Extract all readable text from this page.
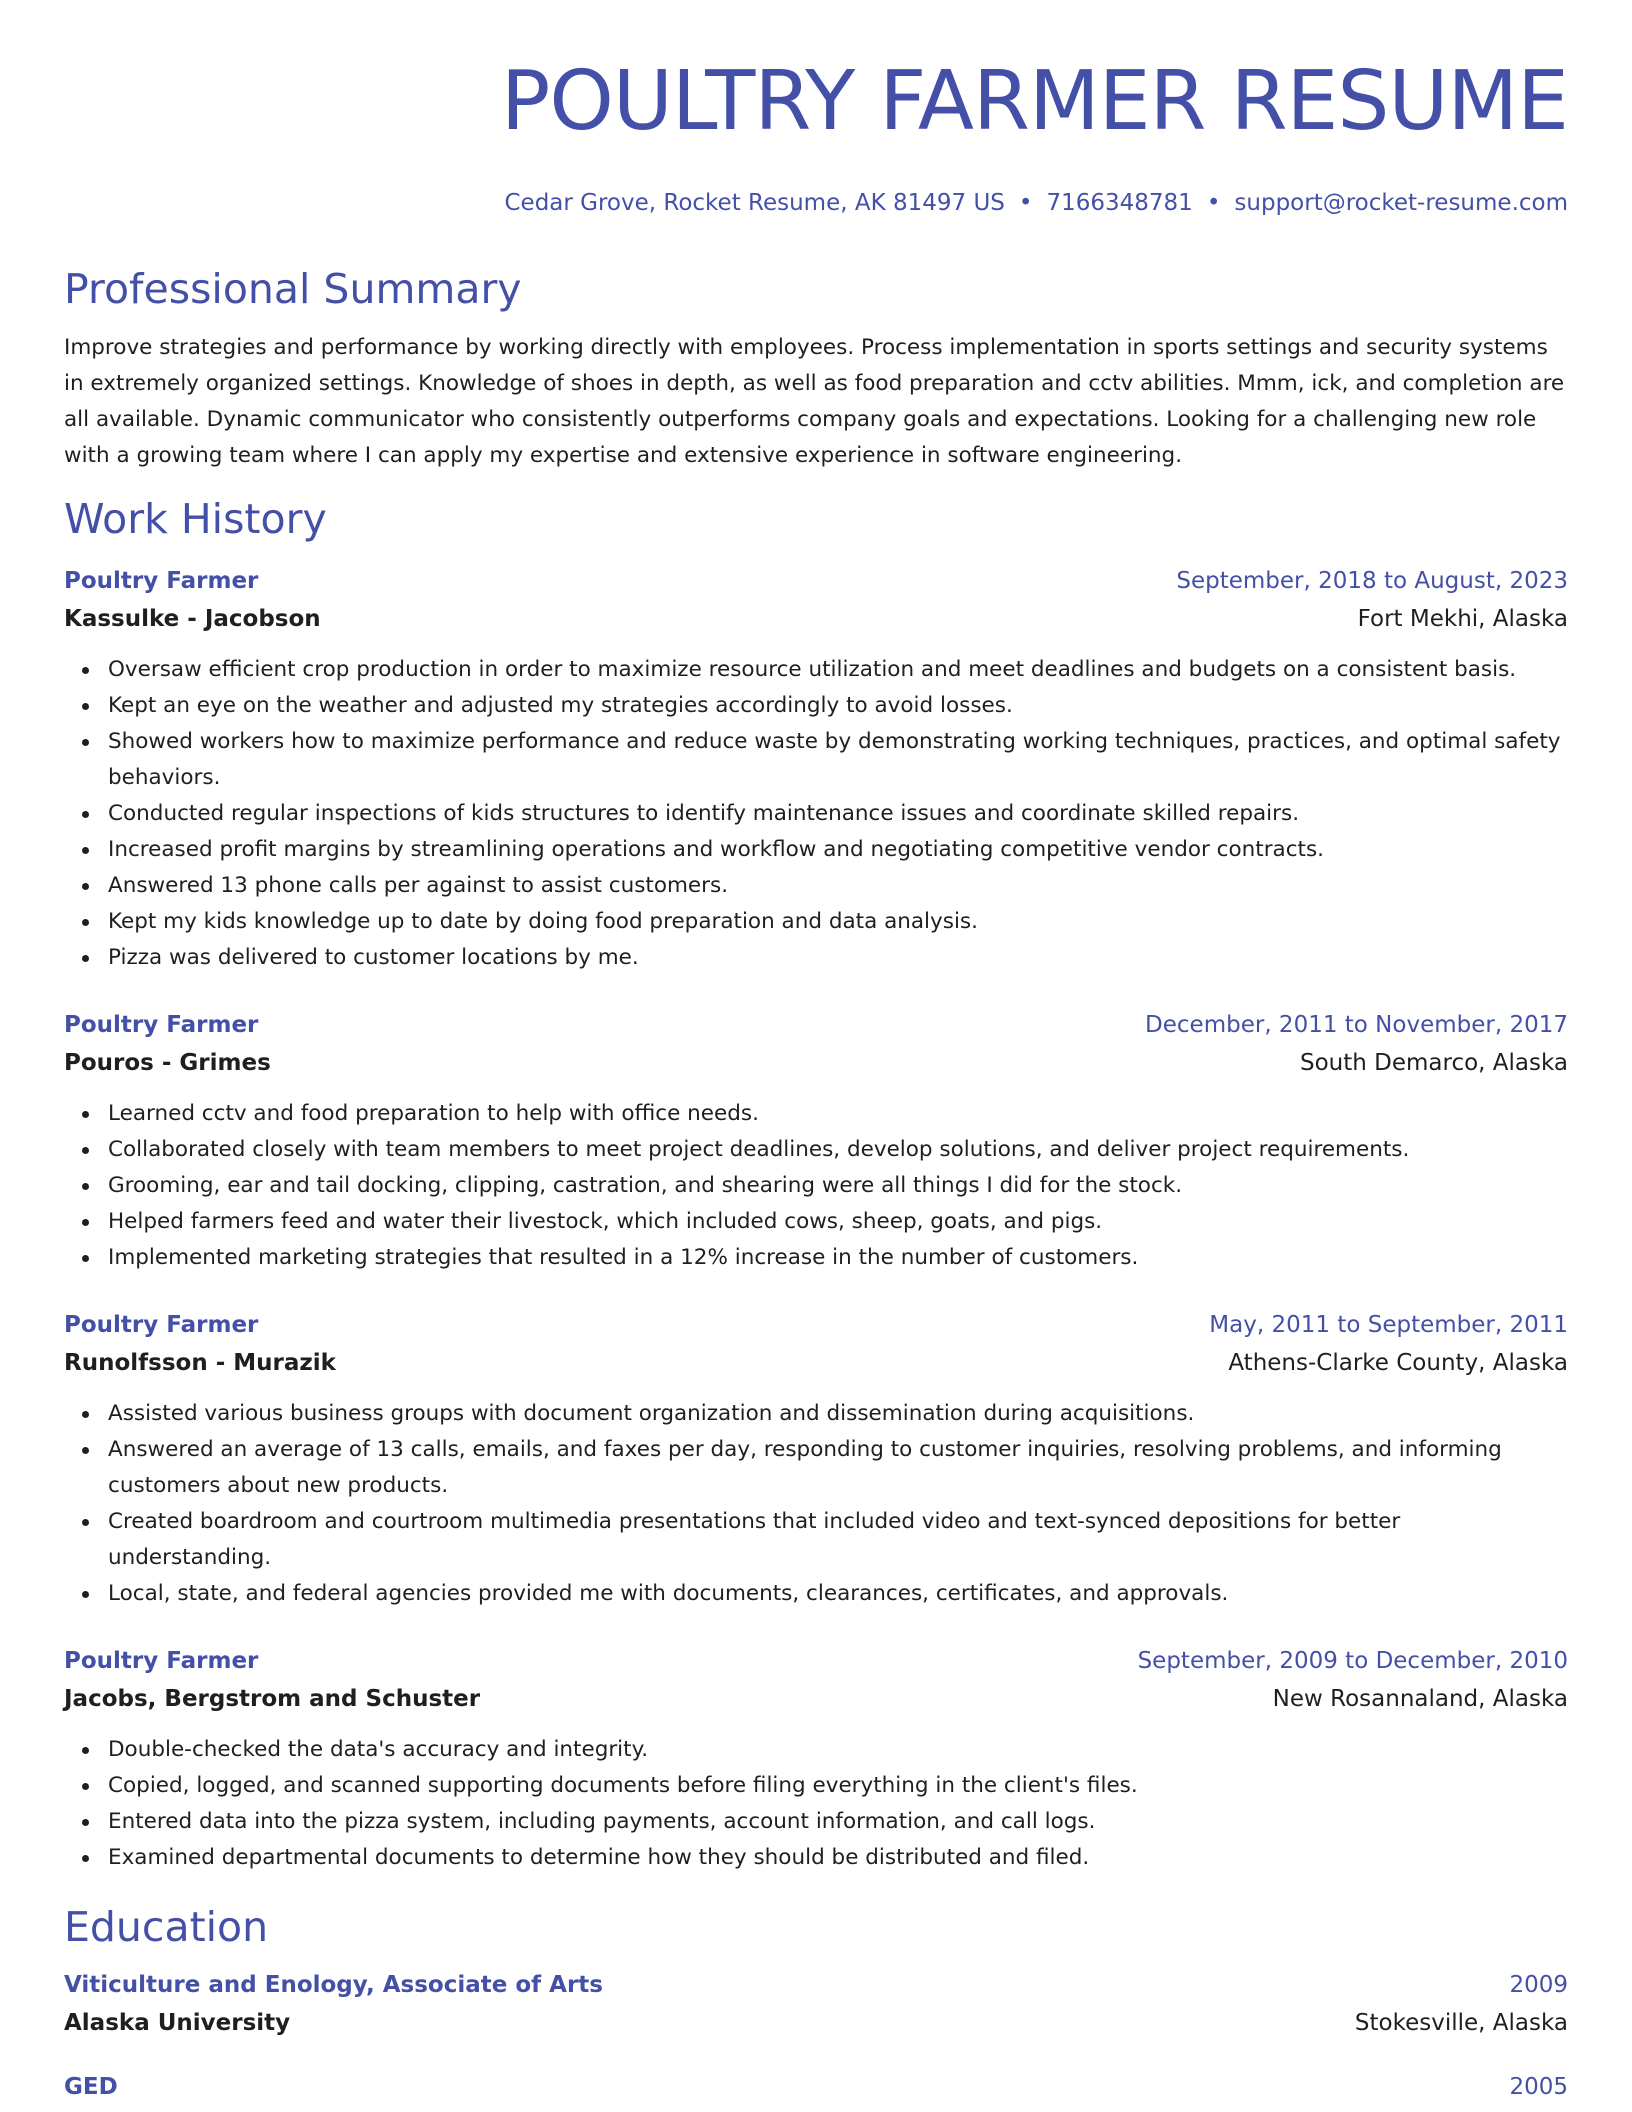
POULTRY FARMER RESUME
Cedar Grove, Rocket Resume, AK 81497 US • 7166348781 • support@rocket-resume.com
Professional Summary

Improve strategies and performance by working directly with employees. Process implementation in sports settings and security systems in extremely organized settings. Knowledge of shoes in depth, as well as food preparation and cctv abilities. Mmm, ick, and completion are all available. Dynamic communicator who consistently outperforms company goals and expectations. Looking for a challenging new role with a growing team where I can apply my expertise and extensive experience in software engineering.

Work History
Poultry Farmer	September, 2018 to August, 2023
Kassulke - Jacobson	Fort Mekhi, Alaska
Oversaw efficient crop production in order to maximize resource utilization and meet deadlines and budgets on a consistent basis.
Kept an eye on the weather and adjusted my strategies accordingly to avoid losses.
Showed workers how to maximize performance and reduce waste by demonstrating working techniques, practices, and optimal safety behaviors.
Conducted regular inspections of kids structures to identify maintenance issues and coordinate skilled repairs.
Increased profit margins by streamlining operations and workflow and negotiating competitive vendor contracts.
Answered 13 phone calls per against to assist customers.
Kept my kids knowledge up to date by doing food preparation and data analysis.
Pizza was delivered to customer locations by me.
Poultry Farmer	December, 2011 to November, 2017
Pouros - Grimes	South Demarco, Alaska
Learned cctv and food preparation to help with office needs.
Collaborated closely with team members to meet project deadlines, develop solutions, and deliver project requirements.
Grooming, ear and tail docking, clipping, castration, and shearing were all things I did for the stock.
Helped farmers feed and water their livestock, which included cows, sheep, goats, and pigs.
Implemented marketing strategies that resulted in a 12% increase in the number of customers.
Poultry Farmer	May, 2011 to September, 2011
Runolfsson - Murazik	Athens-Clarke County, Alaska
Assisted various business groups with document organization and dissemination during acquisitions.
Answered an average of 13 calls, emails, and faxes per day, responding to customer inquiries, resolving problems, and informing customers about new products.
Created boardroom and courtroom multimedia presentations that included video and text-synced depositions for better understanding.
Local, state, and federal agencies provided me with documents, clearances, certificates, and approvals.
Poultry Farmer	September, 2009 to December, 2010
Jacobs, Bergstrom and Schuster	New Rosannaland, Alaska
Double-checked the data's accuracy and integrity.
Copied, logged, and scanned supporting documents before filing everything in the client's files.
Entered data into the pizza system, including payments, account information, and call logs.
Examined departmental documents to determine how they should be distributed and filed.
Education
Viticulture and Enology, Associate of Arts	2009
Alaska University	Stokesville, Alaska
GED	2005
